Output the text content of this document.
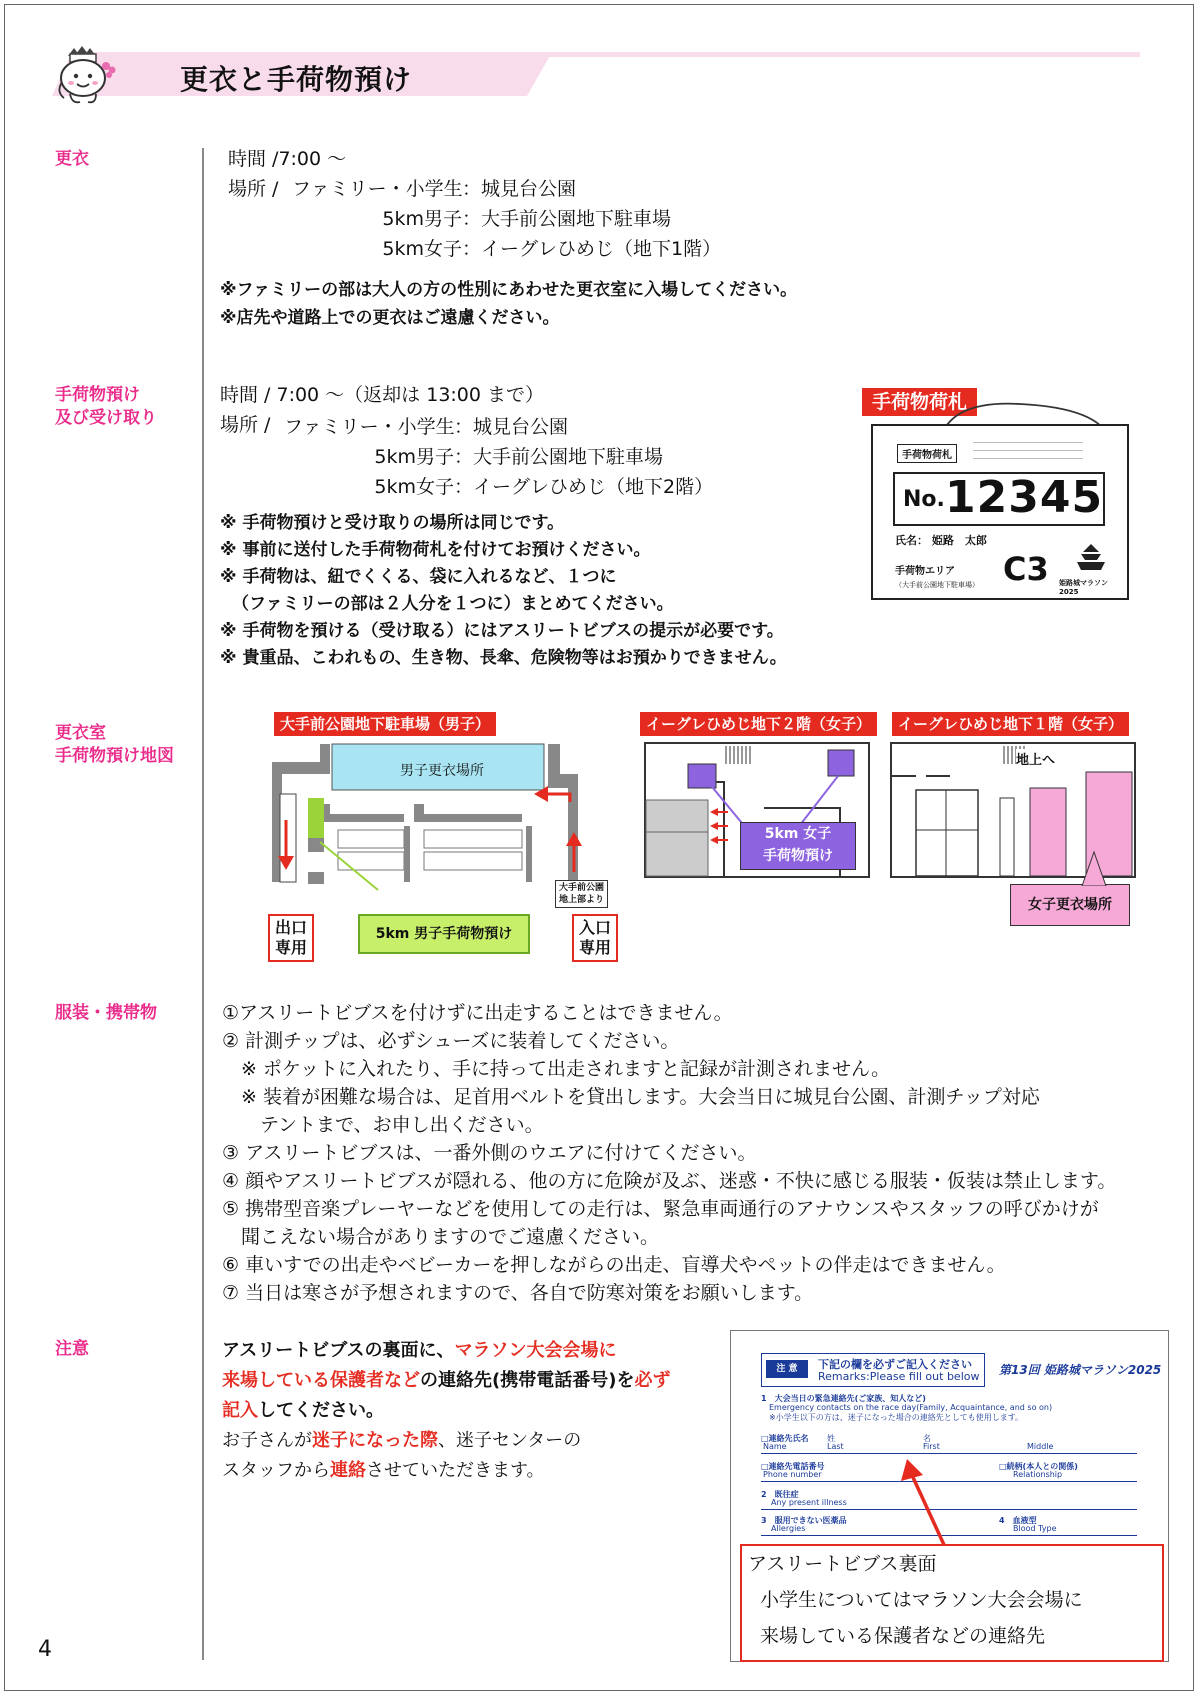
更衣と手荷物預け
更衣	時間 /7:00 〜
場所 / ファミリー・小学生 ：城見台公園
5km男子 ：大手前公園地下駐車場
5km女子 ：イーグレひめじ（地下1階）
※ファミリーの部は大人の方の性別にあわせた更衣室に入場してください。
※店先や道路上での更衣はご遠慮ください。
手荷物預け
及び受け取り
時間 / 7:00 〜（返却は 13:00 まで）
場所 / ファミリー・小学生 ：城見台公園
5km男子 ：大手前公園地下駐車場
5km女子 ：イーグレひめじ（地下2階）
※ 手荷物預けと受け取りの場所は同じです。
※ 事前に送付した手荷物荷札を付けてお預けください。
※ 手荷物は、紐でくくる、袋に入れるなど、１つに
（ファミリーの部は２人分を１つに）まとめてください。
※ 手荷物を預ける（受け取る）にはアスリートビブスの提示が必要です。
※ 貴重品、こわれもの、生き物、長傘、危険物等はお預かりできません。
手荷物荷札
手荷物荷札
No. 12345
氏名： 姫路　太郎
手荷物エリア
（大手前公園地下駐車場） C3 姫路城マラソン2025
更衣室
手荷物預け地図
大手前公園地下駐車場（男子）	イーグレひめじ地下２階（女子）	イーグレひめじ地下１階（女子）
男子更衣場所
大手前公園
地上部より
5km 男子手荷物預け
出口
専用
入口
専用
5km 女子
手荷物預け
地上へ
女子更衣場所
服装・携帯物	①アスリートビブスを付けずに出走することはできません。
② 計測チップは、必ずシューズに装着してください。
　※ ポケットに入れたり、手に持って出走されますと記録が計測されません。
　※ 装着が困難な場合は、足首用ベルトを貸出します。大会当日に城見台公園、計測チップ対応
　　テントまで、お申し出ください。
③ アスリートビブスは、一番外側のウエアに付けてください。
④ 顔やアスリートビブスが隠れる、他の方に危険が及ぶ、迷惑・不快に感じる服装・仮装は禁止します。
⑤ 携帯型音楽プレーヤーなどを使用しての走行は、緊急車両通行のアナウンスやスタッフの呼びかけが
　聞こえない場合がありますのでご遠慮ください。
⑥ 車いすでの出走やベビーカーを押しながらの出走、盲導犬やペットの伴走はできません。
⑦ 当日は寒さが予想されますので、各自で防寒対策をお願いします。
注意	アスリートビブスの裏面に、マラソン大会会場に
来場している保護者などの連絡先(携帯電話番号)を必ず
記入してください。
お子さんが迷子になった際、迷子センターの
スタッフから連絡させていただきます。
注 意	下記の欄を必ずご記入ください
Remarks:Please fill out below 第13回 姫路城マラソン2025
1　大会当日の緊急連絡先(ご家族、知人など)
Emergency contacts on the race day(Family, Acquaintance, and so on)
※小学生以下の方は、迷子になった場合の連絡先としても使用します。
□連絡先氏名
Name
姓
Last
名
First	Middle
□連絡先電話番号
Phone number
□続柄(本人との関係)
Relationship
2　既往症
Any present illness
3　服用できない医薬品
Allergies
4　血液型
Blood Type
アスリートビブス裏面
小学生についてはマラソン大会会場に
来場している保護者などの連絡先
4
